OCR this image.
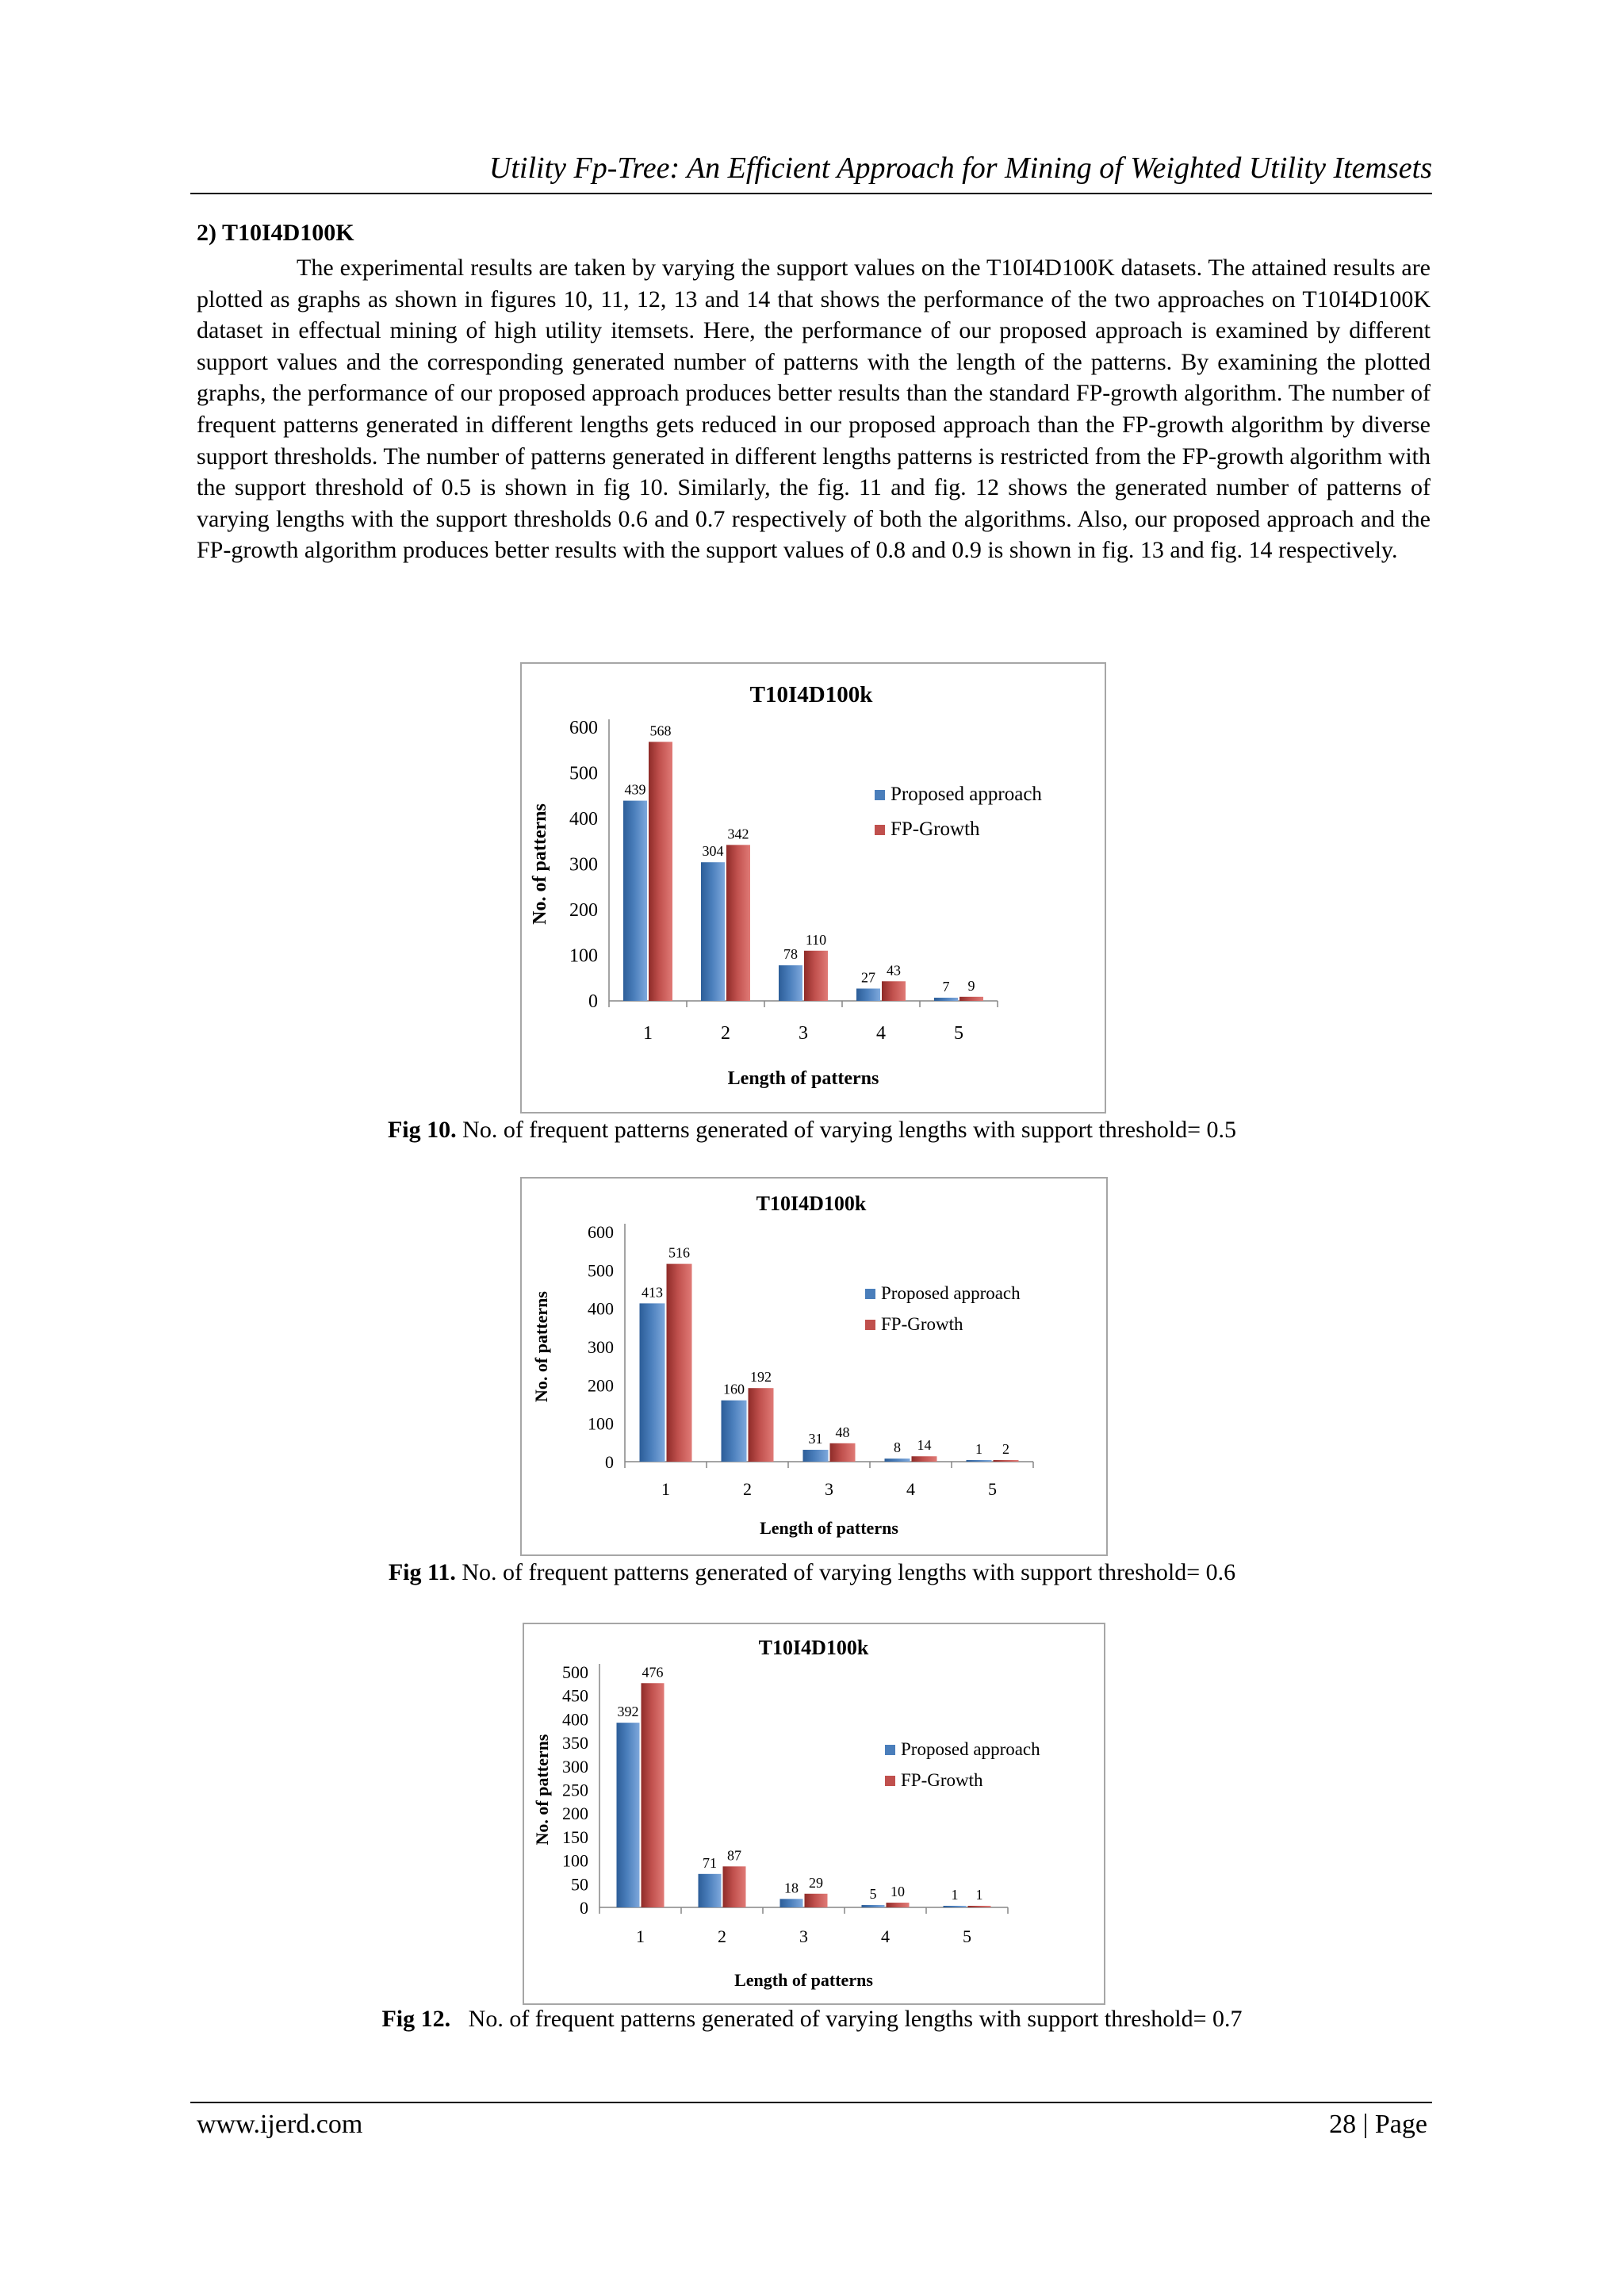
Utility Fp-Tree: An Efficient Approach for Mining of Weighted Utility Itemsets
2) T10I4D100K

The experimental results are taken by varying the support values on the T10I4D100K datasets. The attained results are plotted as graphs as shown in figures 10, 11, 12, 13 and 14 that shows the performance of the two approaches on T10I4D100K dataset in effectual mining of high utility itemsets. Here, the performance of our proposed approach is examined by different support values and the corresponding generated number of patterns with the length of the patterns. By examining the plotted graphs, the performance of our proposed approach produces better results than the standard FP-growth algorithm. The number of frequent patterns generated in different lengths gets reduced in our proposed approach than the FP-growth algorithm by diverse support thresholds. The number of patterns generated in different lengths patterns is restricted from the FP-growth algorithm with the support threshold of 0.5 is shown in fig 10. Similarly, the fig. 11 and fig. 12 shows the generated number of patterns of varying lengths with the support thresholds 0.6 and 0.7 respectively of both the algorithms. Also, our proposed approach and the FP-growth algorithm produces better results with the support values of 0.8 and 0.9 is shown in fig. 13 and fig. 14 respectively.

T10I4D100k
0
100
200
300
400
500
600
No. of patterns
439
568
1
304
342
2
78
110
3
27 43
4
7 9
5
Length of patterns
Proposed approach
FP-Growth
Fig 10. No. of frequent patterns generated of varying lengths with support threshold= 0.5
T10I4D100k
0
100
200
300
400
500
600
No. of patterns	413
516
1
160
192
2
31 48
3
8 14
4
1 2
5
Length of patterns
Proposed approach
FP-Growth
Fig 11. No. of frequent patterns generated of varying lengths with support threshold= 0.6
T10I4D100k
0
50
100
150
200
250
300
350
400
450
500
No. of patterns
392
476
1
71 87
2
18 29
3
5 10
4
1 1
5
Length of patterns
Proposed approach
FP-Growth
Fig 12.   No. of frequent patterns generated of varying lengths with support threshold= 0.7
www.ijerd.com	28 | Page
